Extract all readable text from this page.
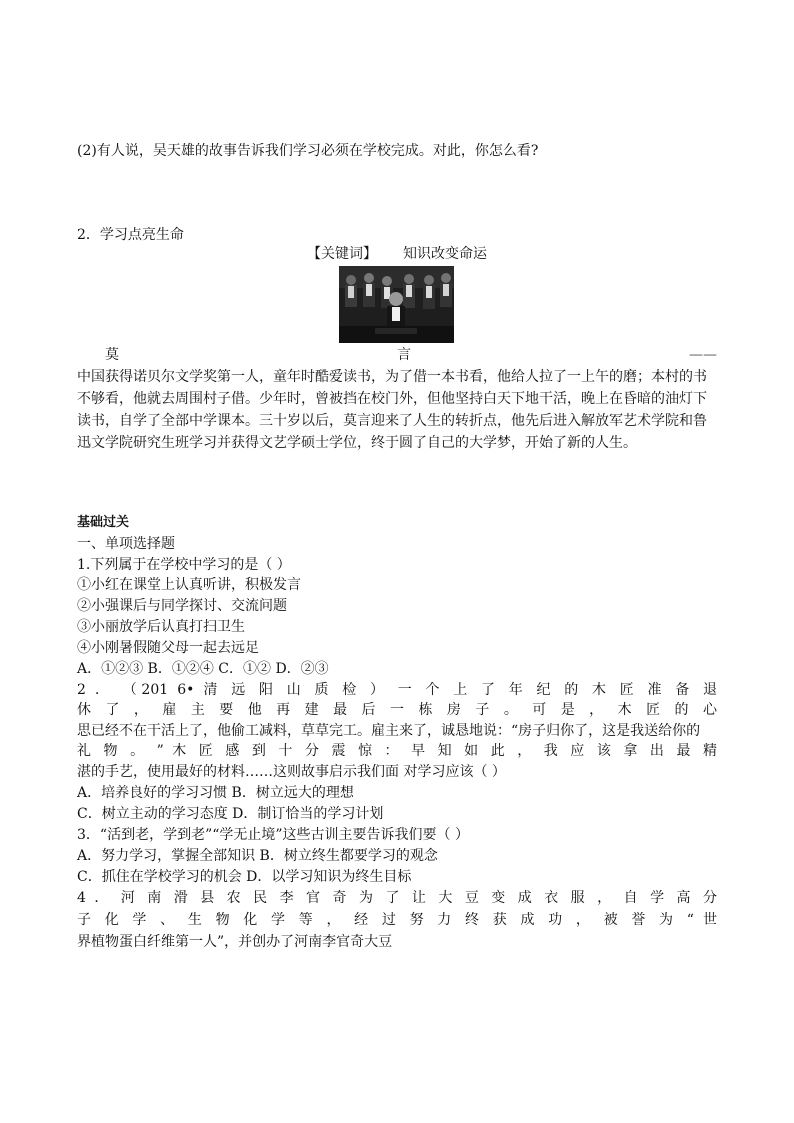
(2)有人说，吴天雄的故事告诉我们学习必须在学校完成。对此，你怎么看?
2．学习点亮生命
【关键词】 知识改变命运
莫	言	——
中国获得诺贝尔文学奖第一人，童年时酷爱读书，为了借一本书看，他给人拉了一上午的磨；本村的书
不够看，他就去周围村子借。少年时，曾被挡在校门外，但他坚持白天下地干活，晚上在昏暗的油灯下
读书，自学了全部中学课本。三十岁以后，莫言迎来了人生的转折点，他先后进入解放军艺术学院和鲁
迅文学院研究生班学习并获得文艺学硕士学位，终于圆了自己的大学梦，开始了新的人生。
基础过关
一、单项选择题
1.下列属于在学校中学习的是（ ）
①小红在课堂上认真听讲，积极发言
②小强课后与同学探讨、交流问题
③小丽放学后认真打扫卫生
④小刚暑假随父母一起去远足
A．①②③ B．①②④ C．①② D．②③
2 ． （201 6• 清 远 阳 山 质 检 ） 一 个 上 了 年 纪 的 木 匠 准 备 退
休 了 ， 雇 主 要 他 再 建 最 后 一 栋 房 子 。 可 是 ， 木 匠 的 心
思已经不在干活上了，他偷工减料，草草完工。雇主来了，诚恳地说：“房子归你了，这是我送给你的
礼 物 。 ” 木 匠 感 到 十 分 震 惊 ： 早 知 如 此 ， 我 应 该 拿 出 最 精
湛的手艺，使用最好的材料……这则故事启示我们面 对学习应该（ ）
A．培养良好的学习习惯 B．树立远大的理想
C．树立主动的学习态度 D．制订恰当的学习计划
3．“活到老，学到老”“学无止境”这些古训主要告诉我们要（ ）
A．努力学习，掌握全部知识 B．树立终生都要学习的观念
C．抓住在学校学习的机会 D．以学习知识为终生目标
4 ． 河 南 滑 县 农 民 李 官 奇 为 了 让 大 豆 变 成 衣 服 ， 自 学 高 分
子 化 学 、 生 物 化 学 等 ， 经 过 努 力 终 获 成 功 ， 被 誉 为 “ 世
界植物蛋白纤维第一人”，并创办了河南李官奇大豆
